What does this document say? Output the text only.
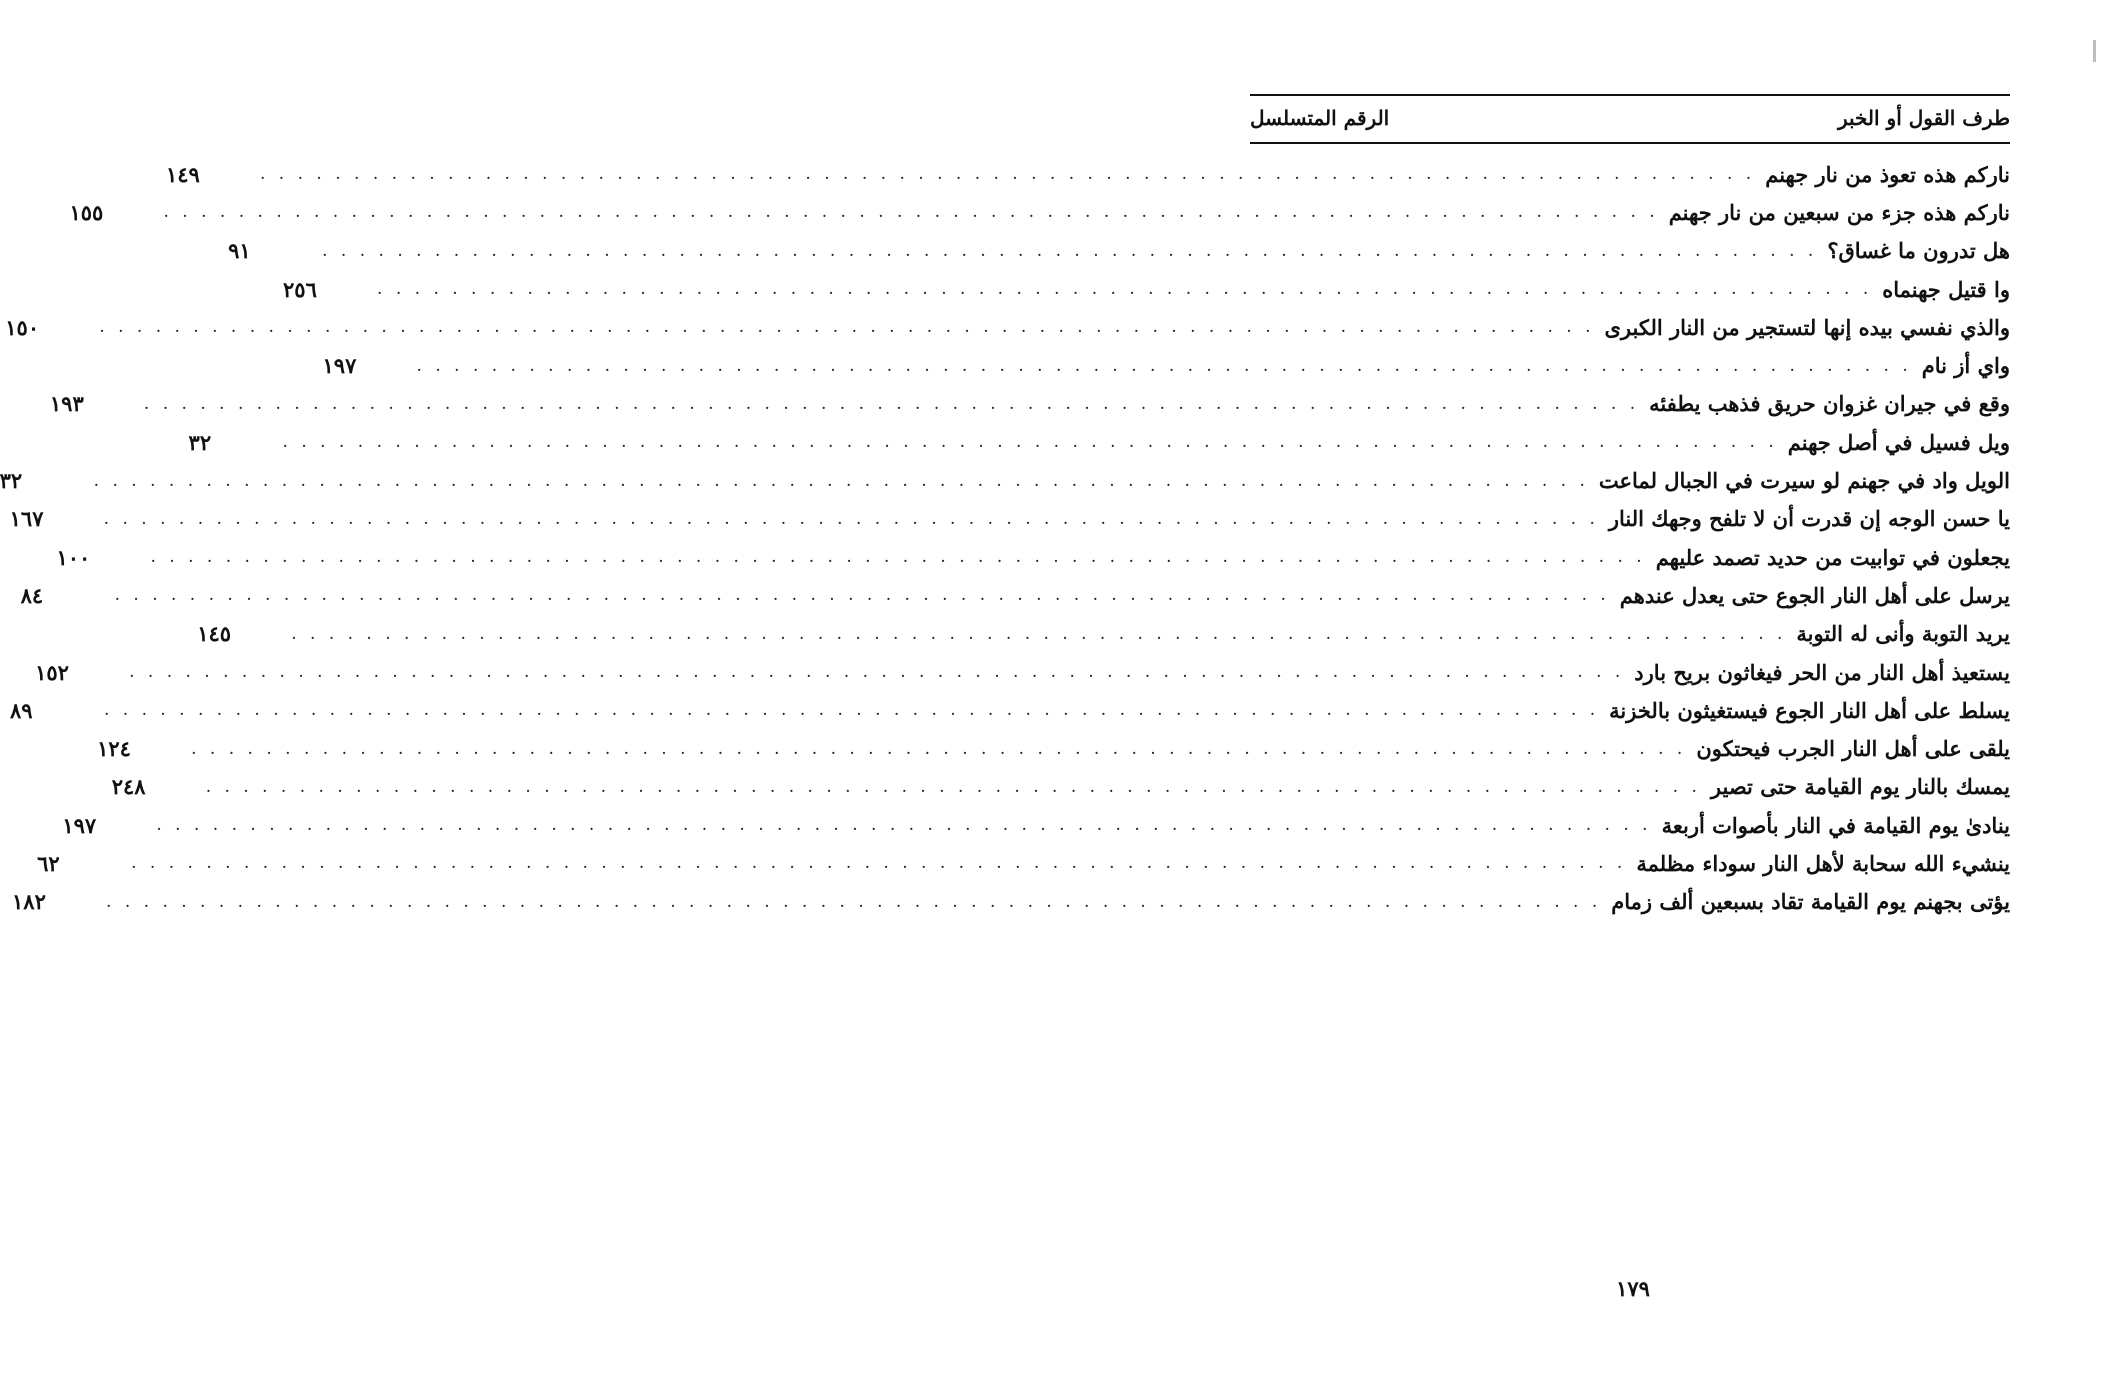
طرف القول أو الخبر
الرقم المتسلسل
ناركم هذه تعوذ من نار جهنم
. . . . . . . . . . . . . . . . . . . . . . . . . . . . . . . . . . . . . . . . . . . . . . . . . . . . . . . . . . . . . . . . . . . . . . . . . . . . . . . .
١٤٩
ناركم هذه جزء من سبعين من نار جهنم
. . . . . . . . . . . . . . . . . . . . . . . . . . . . . . . . . . . . . . . . . . . . . . . . . . . . . . . . . . . . . . . . . . . . . . . . . . . . . . . .
١٥٥
هل تدرون ما غساق؟
. . . . . . . . . . . . . . . . . . . . . . . . . . . . . . . . . . . . . . . . . . . . . . . . . . . . . . . . . . . . . . . . . . . . . . . . . . . . . . . .
٩١
وا قتيل جهنماه
. . . . . . . . . . . . . . . . . . . . . . . . . . . . . . . . . . . . . . . . . . . . . . . . . . . . . . . . . . . . . . . . . . . . . . . . . . . . . . . .
٢٥٦
والذي نفسي بيده إنها لتستجير من النار الكبرى
. . . . . . . . . . . . . . . . . . . . . . . . . . . . . . . . . . . . . . . . . . . . . . . . . . . . . . . . . . . . . . . . . . . . . . . . . . . . . . . .
١٥٠
واي أز نام
. . . . . . . . . . . . . . . . . . . . . . . . . . . . . . . . . . . . . . . . . . . . . . . . . . . . . . . . . . . . . . . . . . . . . . . . . . . . . . . .
١٩٧
وقع في جيران غزوان حريق فذهب يطفئه
. . . . . . . . . . . . . . . . . . . . . . . . . . . . . . . . . . . . . . . . . . . . . . . . . . . . . . . . . . . . . . . . . . . . . . . . . . . . . . . .
١٩٣
ويل فسيل في أصل جهنم
. . . . . . . . . . . . . . . . . . . . . . . . . . . . . . . . . . . . . . . . . . . . . . . . . . . . . . . . . . . . . . . . . . . . . . . . . . . . . . . .
٣٢
الويل واد في جهنم لو سيرت في الجبال لماعت
. . . . . . . . . . . . . . . . . . . . . . . . . . . . . . . . . . . . . . . . . . . . . . . . . . . . . . . . . . . . . . . . . . . . . . . . . . . . . . . .
٣٢
يا حسن الوجه إن قدرت أن لا تلفح وجهك النار
. . . . . . . . . . . . . . . . . . . . . . . . . . . . . . . . . . . . . . . . . . . . . . . . . . . . . . . . . . . . . . . . . . . . . . . . . . . . . . . .
١٦٧
يجعلون في توابيت من حديد تصمد عليهم
. . . . . . . . . . . . . . . . . . . . . . . . . . . . . . . . . . . . . . . . . . . . . . . . . . . . . . . . . . . . . . . . . . . . . . . . . . . . . . . .
١٠٠
يرسل على أهل النار الجوع حتى يعدل عندهم
. . . . . . . . . . . . . . . . . . . . . . . . . . . . . . . . . . . . . . . . . . . . . . . . . . . . . . . . . . . . . . . . . . . . . . . . . . . . . . . .
٨٤
يريد التوبة وأنى له التوبة
. . . . . . . . . . . . . . . . . . . . . . . . . . . . . . . . . . . . . . . . . . . . . . . . . . . . . . . . . . . . . . . . . . . . . . . . . . . . . . . .
١٤٥
يستعيذ أهل النار من الحر فيغاثون بريح بارد
. . . . . . . . . . . . . . . . . . . . . . . . . . . . . . . . . . . . . . . . . . . . . . . . . . . . . . . . . . . . . . . . . . . . . . . . . . . . . . . .
١٥٢
يسلط على أهل النار الجوع فيستغيثون بالخزنة
. . . . . . . . . . . . . . . . . . . . . . . . . . . . . . . . . . . . . . . . . . . . . . . . . . . . . . . . . . . . . . . . . . . . . . . . . . . . . . . .
٨٩
يلقى على أهل النار الجرب فيحتكون
. . . . . . . . . . . . . . . . . . . . . . . . . . . . . . . . . . . . . . . . . . . . . . . . . . . . . . . . . . . . . . . . . . . . . . . . . . . . . . . .
١٢٤
يمسك بالنار يوم القيامة حتى تصير
. . . . . . . . . . . . . . . . . . . . . . . . . . . . . . . . . . . . . . . . . . . . . . . . . . . . . . . . . . . . . . . . . . . . . . . . . . . . . . . .
٢٤٨
ينادىٰ يوم القيامة في النار بأصوات أربعة
. . . . . . . . . . . . . . . . . . . . . . . . . . . . . . . . . . . . . . . . . . . . . . . . . . . . . . . . . . . . . . . . . . . . . . . . . . . . . . . .
١٩٧
ينشيء الله سحابة لأهل النار سوداء مظلمة
. . . . . . . . . . . . . . . . . . . . . . . . . . . . . . . . . . . . . . . . . . . . . . . . . . . . . . . . . . . . . . . . . . . . . . . . . . . . . . . .
٦٢
يؤتى بجهنم يوم القيامة تقاد بسبعين ألف زمام
. . . . . . . . . . . . . . . . . . . . . . . . . . . . . . . . . . . . . . . . . . . . . . . . . . . . . . . . . . . . . . . . . . . . . . . . . . . . . . . .
١٨٢
١٧٩
